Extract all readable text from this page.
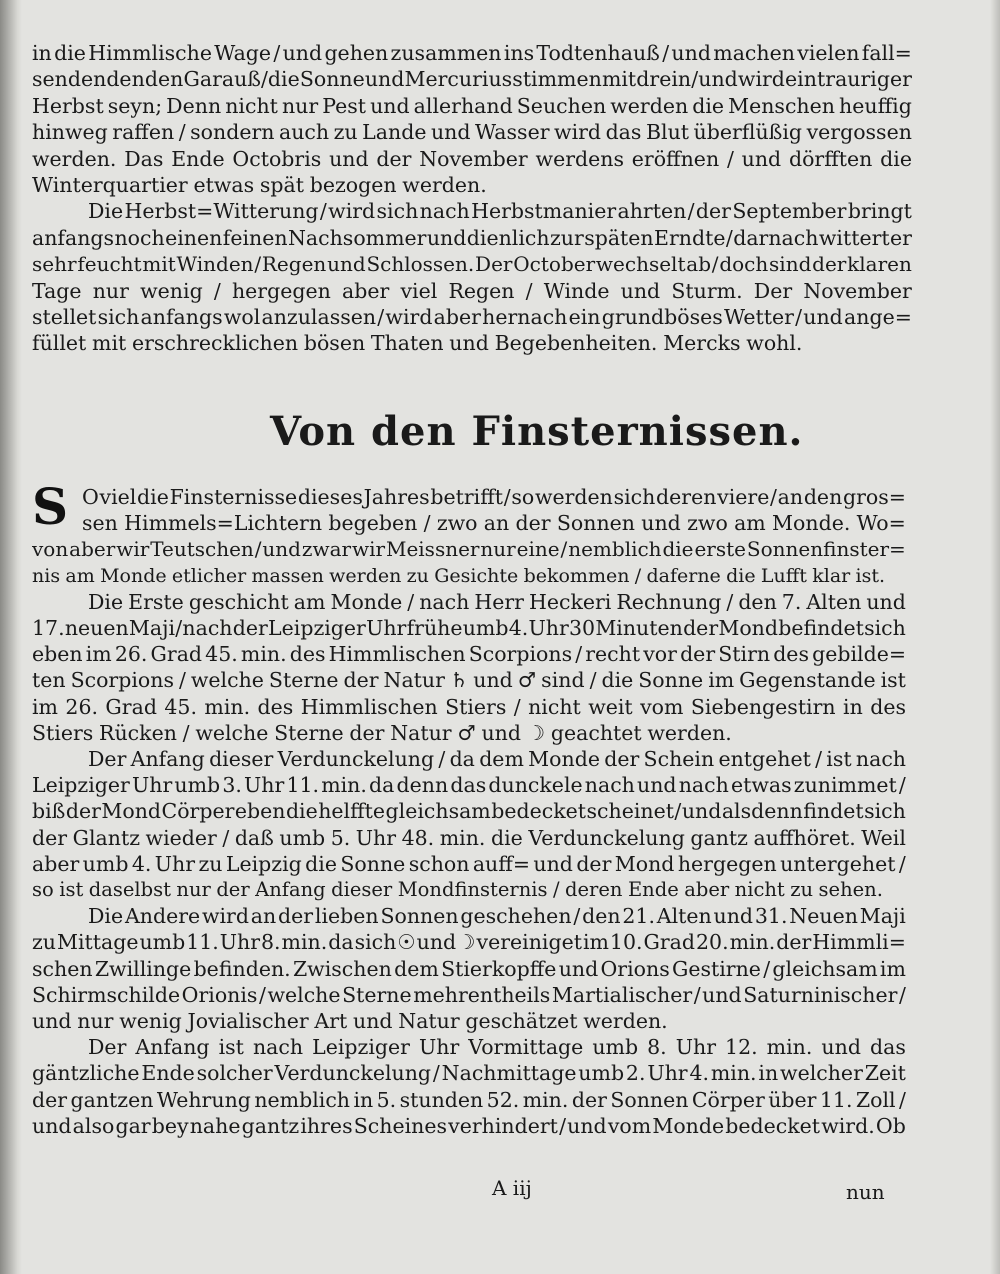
in die Himmlische Wage / und gehen zusammen ins Todtenhauß / und machen vielen fall=
sendenden den Garauß/die Sonne und Mercurius stimmen mit drein / und wird ein trauriger
Herbst seyn; Denn nicht nur Pest und allerhand Seuchen werden die Menschen heuffig
hinweg raffen / sondern auch zu Lande und Wasser wird das Blut überflüßig vergossen
werden. Das Ende Octobris und der November werdens eröffnen / und dörfften die
Winterquartier etwas spät bezogen werden.
Die Herbst=Witterung / wird sich nach Herbstmanier ahrten / der September bringt
anfangs noch einen feinen Nachsommer und dienlich zur späten Erndte / darnach wittert er
sehr feucht mit Winden / Regen und Schlossen. Der October wechselt ab / doch sind der klaren
Tage nur wenig / hergegen aber viel Regen / Winde und Sturm. Der November
stellet sich anfangs wol anzulassen / wird aber hernach ein grundböses Wetter / und ange=
füllet mit erschrecklichen bösen Thaten und Begebenheiten. Mercks wohl.
Von den Finsternissen.
S O viel die Finsternisse dieses Jahres betrifft / so werden sich deren viere / an den gros=
sen Himmels=Lichtern begeben / zwo an der Sonnen und zwo am Monde. Wo=
von aber wir Teutschen / und zwar wir Meissner nur eine / nemblich die erste Sonnenfinster=
nis am Monde etlicher massen werden zu Gesichte bekommen / daferne die Lufft klar ist.
Die Erste geschicht am Monde / nach Herr Heckeri Rechnung / den 7. Alten und
17. neuen Maji / nach der Leipziger Uhr frühe umb 4. Uhr 30 Minuten der Mond befindet sich
eben im 26. Grad 45. min. des Himmlischen Scorpions / recht vor der Stirn des gebilde=
ten Scorpions / welche Sterne der Natur ♄ und ♂ sind / die Sonne im Gegenstande ist
im 26. Grad 45. min. des Himmlischen Stiers / nicht weit vom Siebengestirn in des
Stiers Rücken / welche Sterne der Natur ♂ und ☽ geachtet werden.
Der Anfang dieser Verdunckelung / da dem Monde der Schein entgehet / ist nach
Leipziger Uhr umb 3. Uhr 11. min. da denn das dunckele nach und nach etwas zunimmet /
biß der Mond Cörper eben die helffte gleichsam bedecket scheinet / und alsdenn findet sich
der Glantz wieder / daß umb 5. Uhr 48. min. die Verdunckelung gantz auffhöret. Weil
aber umb 4. Uhr zu Leipzig die Sonne schon auff= und der Mond hergegen untergehet /
so ist daselbst nur der Anfang dieser Mondfinsternis / deren Ende aber nicht zu sehen.
Die Andere wird an der lieben Sonnen geschehen / den 21. Alten und 31. Neuen Maji
zu Mittage umb 11. Uhr 8. min. da sich ☉ und ☽ vereiniget im 10. Grad 20. min. der Himmli=
schen Zwillinge befinden. Zwischen dem Stierkopffe und Orions Gestirne / gleichsam im
Schirmschilde Orionis / welche Sterne mehrentheils Martialischer / und Saturninischer /
und nur wenig Jovialischer Art und Natur geschätzet werden.
Der Anfang ist nach Leipziger Uhr Vormittage umb 8. Uhr 12. min. und das
gäntzliche Ende solcher Verdunckelung / Nachmittage umb 2. Uhr 4. min. in welcher Zeit
der gantzen Wehrung nemblich in 5. stunden 52. min. der Sonnen Cörper über 11. Zoll /
und also gar bey nahe gantz ihres Scheines verhindert / und vom Monde bedecket wird. Ob
A iij	nun
